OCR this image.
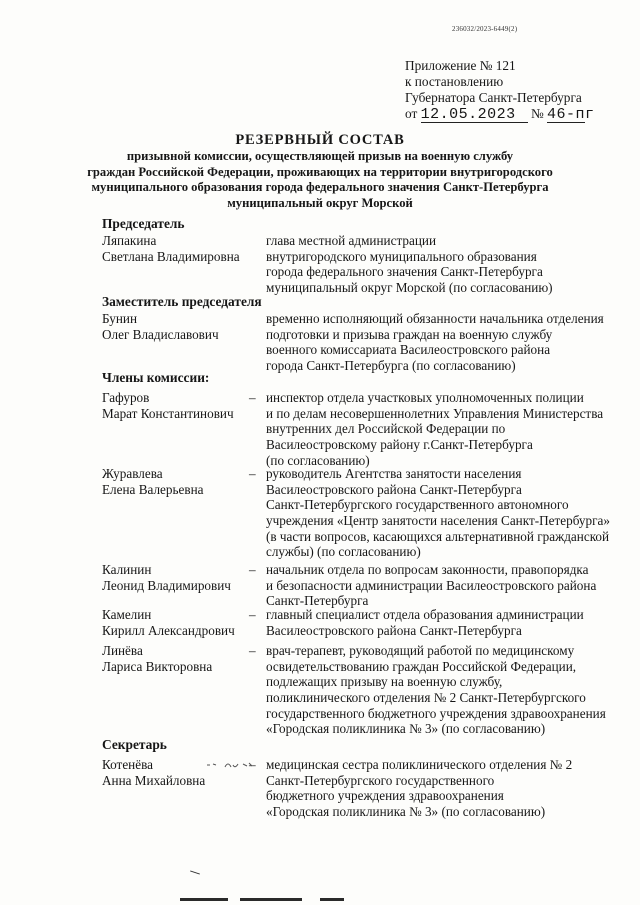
236032/2023-6449(2)
Приложение № 121
к постановлению
Губернатора Санкт-Петербурга
от 12.05.2023 № 46-пг
РЕЗЕРВНЫЙ СОСТАВ
призывной комиссии, осуществляющей призыв на военную службу
граждан Российской Федерации, проживающих на территории внутригородского
муниципального образования города федерального значения Санкт-Петербурга
муниципальный округ Морской
Председатель
Ляпакина
Светлана Владимировна
глава местной администрации
внутригородского муниципального образования
города федерального значения Санкт-Петербурга
муниципальный округ Морской (по согласованию)
Заместитель председателя
Бунин
Олег Владиславович
временно исполняющий обязанности начальника отделения
подготовки и призыва граждан на военную службу
военного комиссариата Василеостровского района
города Санкт-Петербурга (по согласованию)
Члены комиссии:
Гафуров
Марат Константинович
– инспектор отдела участковых уполномоченных полиции
и по делам несовершеннолетних Управления Министерства
внутренних дел Российской Федерации по
Василеостровскому району г.Санкт-Петербурга
(по согласованию)
Журавлева
Елена Валерьевна
– руководитель Агентства занятости населения
Василеостровского района Санкт-Петербурга
Санкт-Петербургского государственного автономного
учреждения «Центр занятости населения Санкт-Петербурга»
(в части вопросов, касающихся альтернативной гражданской
службы) (по согласованию)
Калинин
Леонид Владимирович
– начальник отдела по вопросам законности, правопорядка
и безопасности администрации Василеостровского района
Санкт-Петербурга
Камелин
Кирилл Александрович
– главный специалист отдела образования администрации
Василеостровского района Санкт-Петербурга
Линёва
Лариса Викторовна
– врач-терапевт, руководящий работой по медицинскому
освидетельствованию граждан Российской Федерации,
подлежащих призыву на военную службу,
поликлинического отделения № 2 Санкт-Петербургского
государственного бюджетного учреждения здравоохранения
«Городская поликлиника № 3» (по согласованию)
Секретарь
Котенёва
Анна Михайловна
– медицинская сестра поликлинического отделения № 2
Санкт-Петербургского государственного
бюджетного учреждения здравоохранения
«Городская поликлиника № 3» (по согласованию)
